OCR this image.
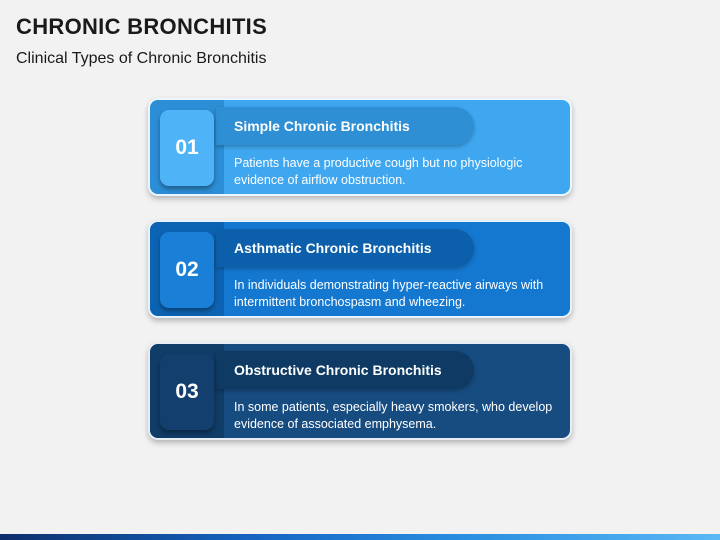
CHRONIC BRONCHITIS
Clinical Types of Chronic Bronchitis
01
Simple Chronic Bronchitis
Patients have a productive cough but no physiologic evidence of airflow obstruction.
02
Asthmatic Chronic Bronchitis
In individuals demonstrating hyper-reactive airways with intermittent bronchospasm and wheezing.
03
Obstructive Chronic Bronchitis
In some patients, especially heavy smokers, who develop evidence of associated emphysema.
